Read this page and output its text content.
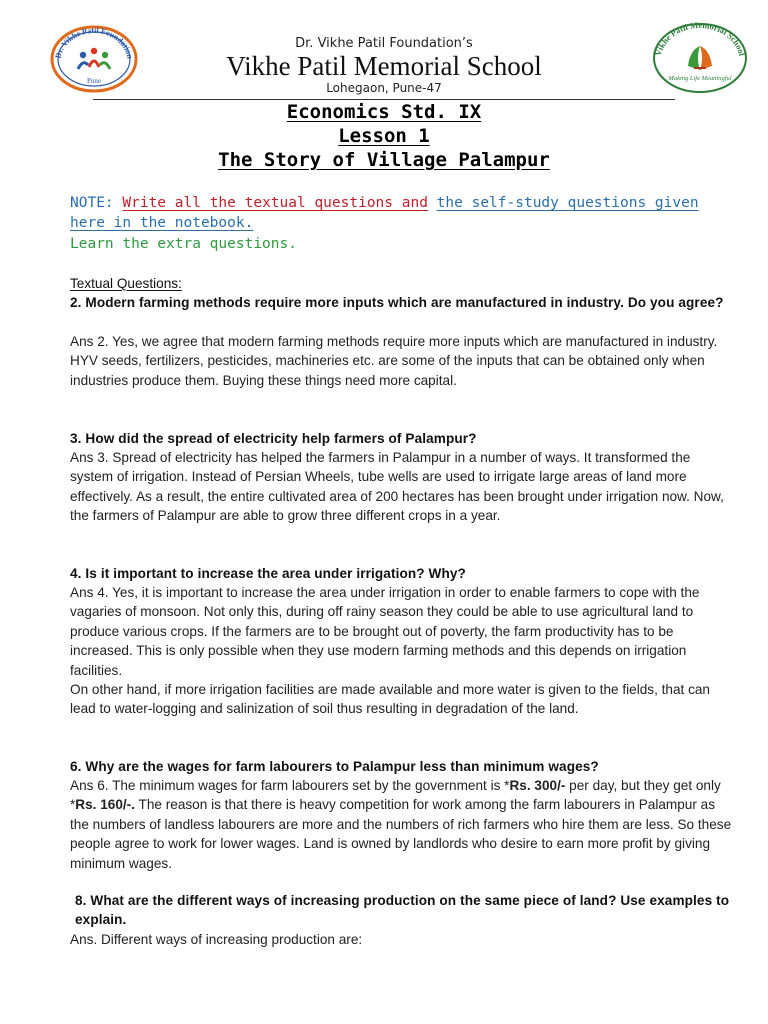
Dr. Vikhe Patil Foundation
Pune
Vikhe Patil Memorial School
Making Life Meaningful
Dr. Vikhe Patil Foundation’s
Vikhe Patil Memorial School
Lohegaon, Pune-47
Economics Std. IX
Lesson 1
The Story of Village Palampur
NOTE: Write all the textual questions and the self-study questions given
here in the notebook.
Learn the extra questions.
Textual Questions:
2. Modern farming methods require more inputs which are manufactured in industry. Do you agree?
Ans 2. Yes, we agree that modern farming methods require more inputs which are manufactured in industry. HYV seeds, fertilizers, pesticides, machineries etc. are some of the inputs that can be obtained only when industries produce them. Buying these things need more capital.
3. How did the spread of electricity help farmers of Palampur?
Ans 3. Spread of electricity has helped the farmers in Palampur in a number of ways. It transformed the system of irrigation. Instead of Persian Wheels, tube wells are used to irrigate large areas of land more effectively. As a result, the entire cultivated area of 200 hectares has been brought under irrigation now. Now, the farmers of Palampur are able to grow three different crops in a year.
4. Is it important to increase the area under irrigation? Why?
Ans 4. Yes, it is important to increase the area under irrigation in order to enable farmers to cope with the vagaries of monsoon. Not only this, during off rainy season they could be able to use agricultural land to produce various crops. If the farmers are to be brought out of poverty, the farm productivity has to be increased. This is only possible when they use modern farming methods and this depends on irrigation facilities.
On other hand, if more irrigation facilities are made available and more water is given to the fields, that can lead to water-logging and salinization of soil thus resulting in degradation of the land.
6. Why are the wages for farm labourers to Palampur less than minimum wages?
Ans 6. The minimum wages for farm labourers set by the government is *Rs. 300/- per day, but they get only *Rs. 160/-. The reason is that there is heavy competition for work among the farm labourers in Palampur as the numbers of landless labourers are more and the numbers of rich farmers who hire them are less. So these people agree to work for lower wages. Land is owned by landlords who desire to earn more profit by giving minimum wages.
8. What are the different ways of increasing production on the same piece of land? Use examples to explain.
Ans. Different ways of increasing production are:
